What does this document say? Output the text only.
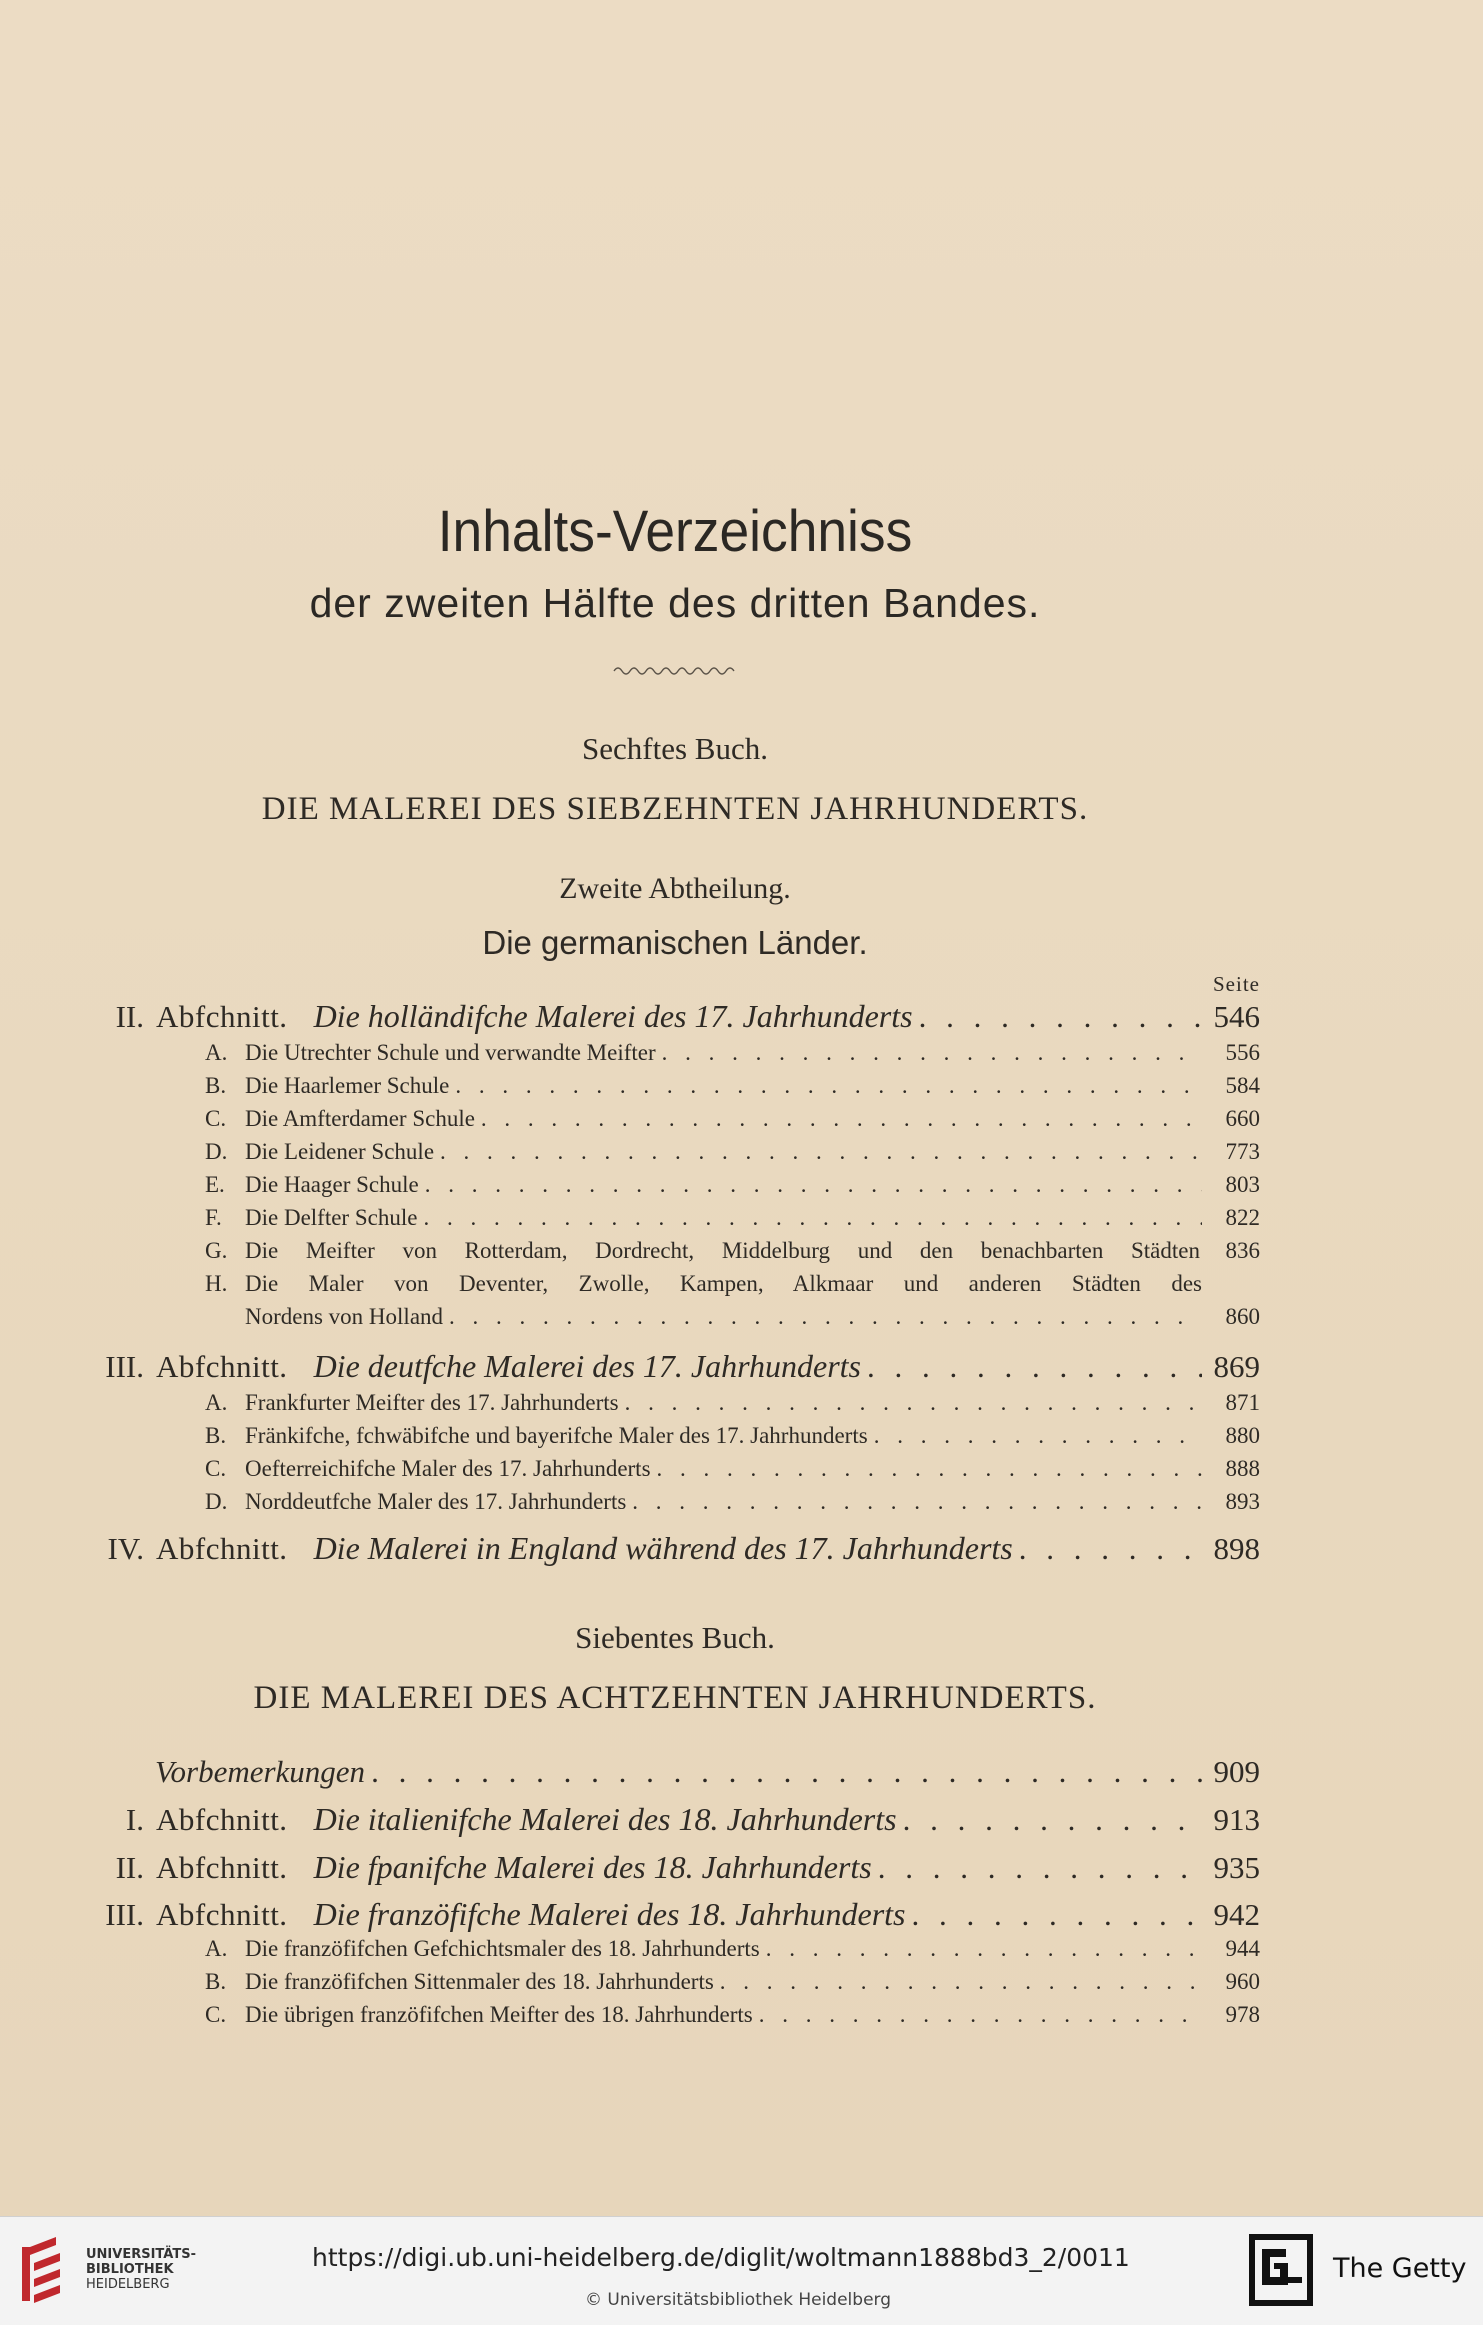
Inhalts-Verzeichniss
der zweiten Hälfte des dritten Bandes.
Sechftes Buch.
DIE MALEREI DES SIEBZEHNTEN JAHRHUNDERTS.
Zweite Abtheilung.
Die germanischen Länder.
Seite
II. Abfchnitt. Die holländifche Malerei des 17. Jahrhunderts . . .	546
A. Die Utrechter Schule und verwandte Meifter . . .	556
B. Die Haarlemer Schule . . .	584
C. Die Amfterdamer Schule . . .	660
D. Die Leidener Schule . . .	773
E. Die Haager Schule . . .	803
F.	Die Delfter Schule . . .	822
G. Die Meifter von Rotterdam, Dordrecht, Middelburg und den benachbarten Städten	836
H. Die Maler von Deventer, Zwolle, Kampen, Alkmaar und anderen Städten des
Nordens von Holland . . .	860
III. Abfchnitt. Die deutfche Malerei des 17. Jahrhunderts . . .	869
A. Frankfurter Meifter des 17. Jahrhunderts . . .	871
B. Fränkifche, fchwäbifche und bayerifche Maler des 17. Jahrhunderts . . .	880
C. Oefterreichifche Maler des 17. Jahrhunderts . . .	888
D. Norddeutfche Maler des 17. Jahrhunderts . . .	893
IV. Abfchnitt. Die Malerei in England während des 17. Jahrhunderts . . .	898
Siebentes Buch.
DIE MALEREI DES ACHTZEHNTEN JAHRHUNDERTS.
Vorbemerkungen . . .	909
I. Abfchnitt. Die italienifche Malerei des 18. Jahrhunderts . . .	913
II. Abfchnitt. Die fpanifche Malerei des 18. Jahrhunderts . . .	935
III. Abfchnitt. Die franzöfifche Malerei des 18. Jahrhunderts . . .	942
A. Die franzöfifchen Gefchichtsmaler des 18. Jahrhunderts . . .	944
B. Die franzöfifchen Sittenmaler des 18. Jahrhunderts . . .	960
C. Die übrigen franzöfifchen Meifter des 18. Jahrhunderts . . .	978
UNIVERSITÄTS-
BIBLIOTHEK
HEIDELBERG
https://digi.ub.uni-heidelberg.de/diglit/woltmann1888bd3_2/0011
© Universitätsbibliothek Heidelberg
The Getty
